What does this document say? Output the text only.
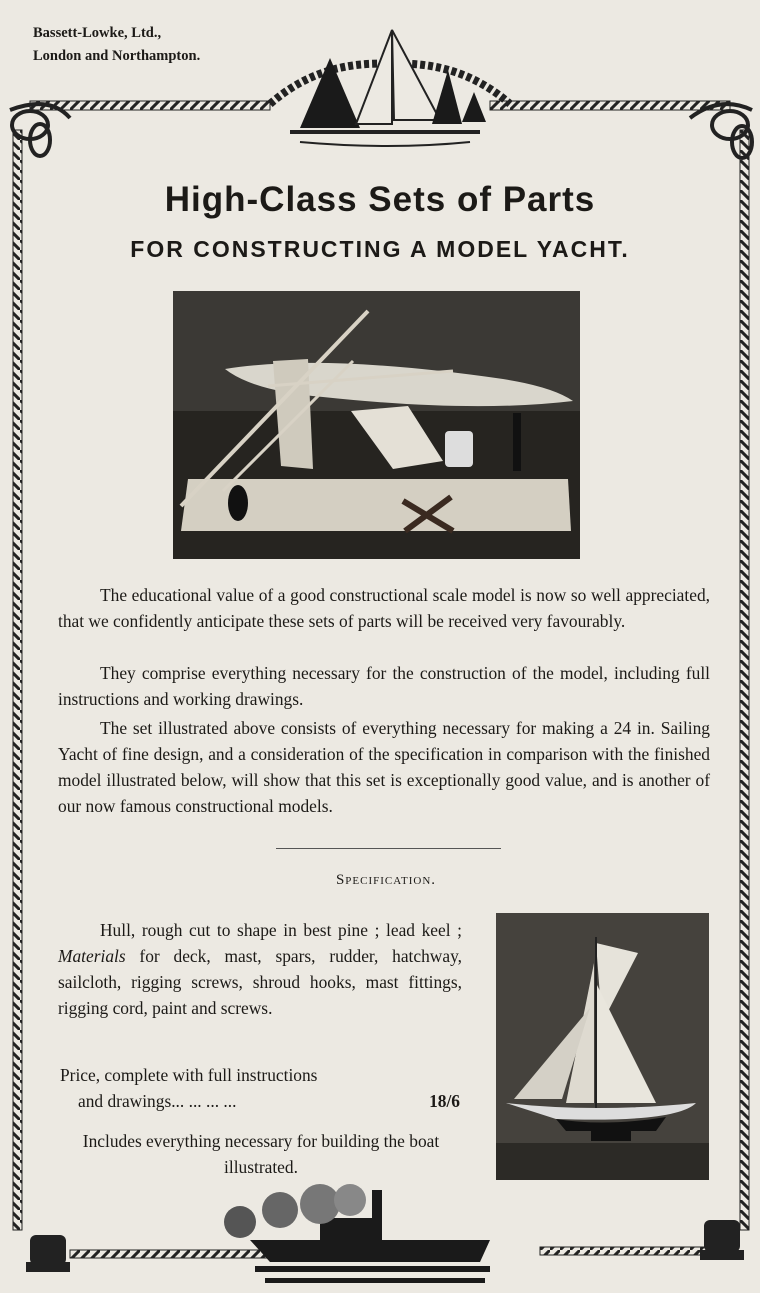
Bassett-Lowke, Ltd.,
London and Northampton.
High-Class Sets of Parts
FOR CONSTRUCTING A MODEL YACHT.

The educational value of a good constructional scale model is now so well appreciated, that we confidently anticipate these sets of parts will be received very favourably.

They comprise everything necessary for the construction of the model, including full instructions and working drawings.

The set illustrated above consists of everything necessary for making a 24 in. Sailing Yacht of fine design, and a consideration of the specification in comparison with the finished model illustrated below, will show that this set is exceptionally good value, and is another of our now famous constructional models.

Specification.

Hull, rough cut to shape in best pine ; lead keel ; Materials for deck, mast, spars, rudder, hatchway, sailcloth, rigging screws, shroud hooks, mast fittings, rigging cord, paint and screws.

Price, complete with full instructions
and drawings... ... ... ...	18/6
Includes everything necessary for building the boat illustrated.
